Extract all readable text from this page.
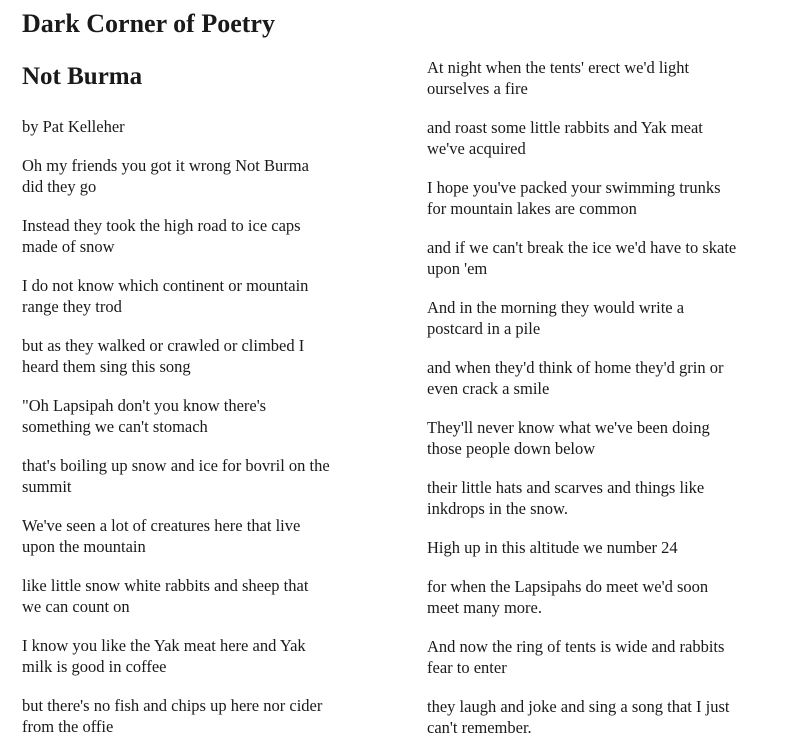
Dark Corner of Poetry
Not Burma

by Pat Kelleher

Oh my friends you got it wrong Not Burma
did they go

Instead they took the high road to ice caps
made of snow

I do not know which continent or mountain
range they trod

but as they walked or crawled or climbed I
heard them sing this song

"Oh Lapsipah don't you know there's
something we can't stomach

that's boiling up snow and ice for bovril on the
summit

We've seen a lot of creatures here that live
upon the mountain

like little snow white rabbits and sheep that
we can count on

I know you like the Yak meat here and Yak
milk is good in coffee

but there's no fish and chips up here nor cider
from the offie

At night when the tents' erect we'd light
ourselves a fire

and roast some little rabbits and Yak meat
we've acquired

I hope you've packed your swimming trunks
for mountain lakes are common

and if we can't break the ice we'd have to skate
upon 'em

And in the morning they would write a
postcard in a pile

and when they'd think of home they'd grin or
even crack a smile

They'll never know what we've been doing
those people down below

their little hats and scarves and things like
inkdrops in the snow.

High up in this altitude we number 24

for when the Lapsipahs do meet we'd soon
meet many more.

And now the ring of tents is wide and rabbits
fear to enter

they laugh and joke and sing a song that I just
can't remember.
